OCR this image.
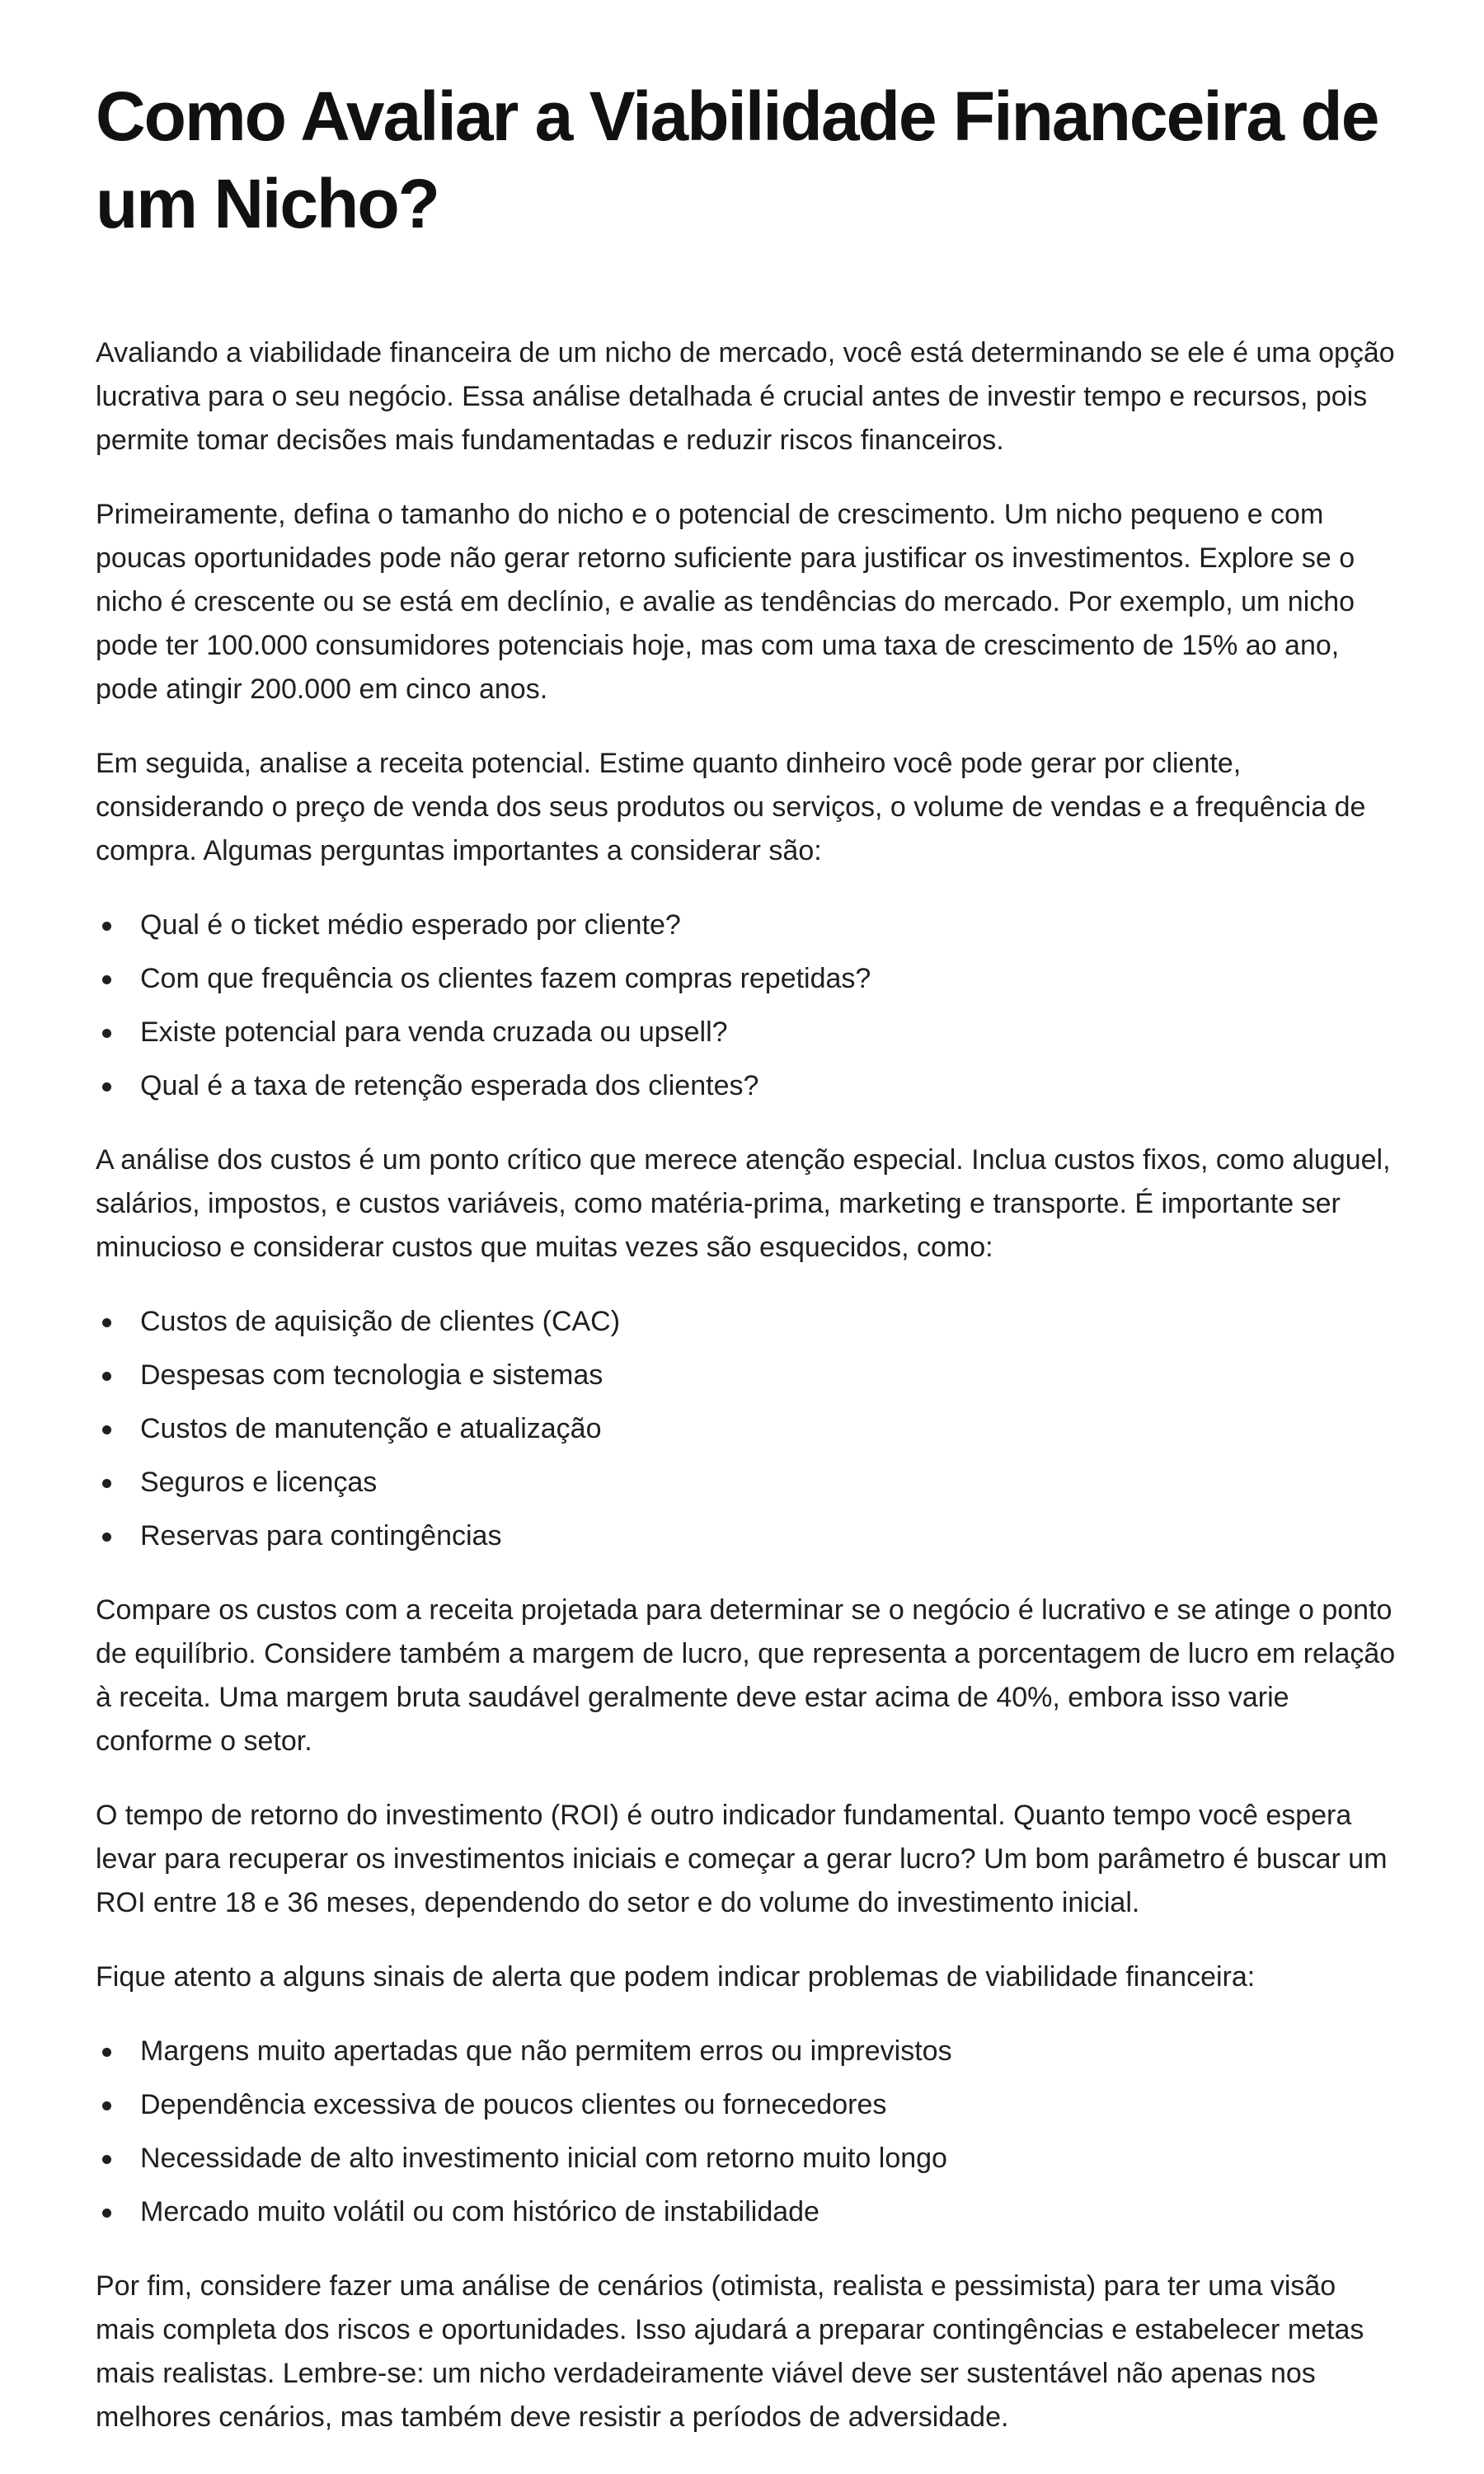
Como Avaliar a Viabilidade Financeira de um Nicho?

Avaliando a viabilidade financeira de um nicho de mercado, você está determinando se ele é uma opção lucrativa para o seu negócio. Essa análise detalhada é crucial antes de investir tempo e recursos, pois permite tomar decisões mais fundamentadas e reduzir riscos financeiros.

Primeiramente, defina o tamanho do nicho e o potencial de crescimento. Um nicho pequeno e com poucas oportunidades pode não gerar retorno suficiente para justificar os investimentos. Explore se o nicho é crescente ou se está em declínio, e avalie as tendências do mercado. Por exemplo, um nicho pode ter 100.000 consumidores potenciais hoje, mas com uma taxa de crescimento de 15% ao ano, pode atingir 200.000 em cinco anos.

Em seguida, analise a receita potencial. Estime quanto dinheiro você pode gerar por cliente, considerando o preço de venda dos seus produtos ou serviços, o volume de vendas e a frequência de compra. Algumas perguntas importantes a considerar são:

Qual é o ticket médio esperado por cliente?
Com que frequência os clientes fazem compras repetidas?
Existe potencial para venda cruzada ou upsell?
Qual é a taxa de retenção esperada dos clientes?

A análise dos custos é um ponto crítico que merece atenção especial. Inclua custos fixos, como aluguel, salários, impostos, e custos variáveis, como matéria-prima, marketing e transporte. É importante ser minucioso e considerar custos que muitas vezes são esquecidos, como:

Custos de aquisição de clientes (CAC)
Despesas com tecnologia e sistemas
Custos de manutenção e atualização
Seguros e licenças
Reservas para contingências

Compare os custos com a receita projetada para determinar se o negócio é lucrativo e se atinge o ponto de equilíbrio. Considere também a margem de lucro, que representa a porcentagem de lucro em relação à receita. Uma margem bruta saudável geralmente deve estar acima de 40%, embora isso varie conforme o setor.

O tempo de retorno do investimento (ROI) é outro indicador fundamental. Quanto tempo você espera levar para recuperar os investimentos iniciais e começar a gerar lucro? Um bom parâmetro é buscar um ROI entre 18 e 36 meses, dependendo do setor e do volume do investimento inicial.

Fique atento a alguns sinais de alerta que podem indicar problemas de viabilidade financeira:

Margens muito apertadas que não permitem erros ou imprevistos
Dependência excessiva de poucos clientes ou fornecedores
Necessidade de alto investimento inicial com retorno muito longo
Mercado muito volátil ou com histórico de instabilidade

Por fim, considere fazer uma análise de cenários (otimista, realista e pessimista) para ter uma visão mais completa dos riscos e oportunidades. Isso ajudará a preparar contingências e estabelecer metas mais realistas. Lembre-se: um nicho verdadeiramente viável deve ser sustentável não apenas nos melhores cenários, mas também deve resistir a períodos de adversidade.
